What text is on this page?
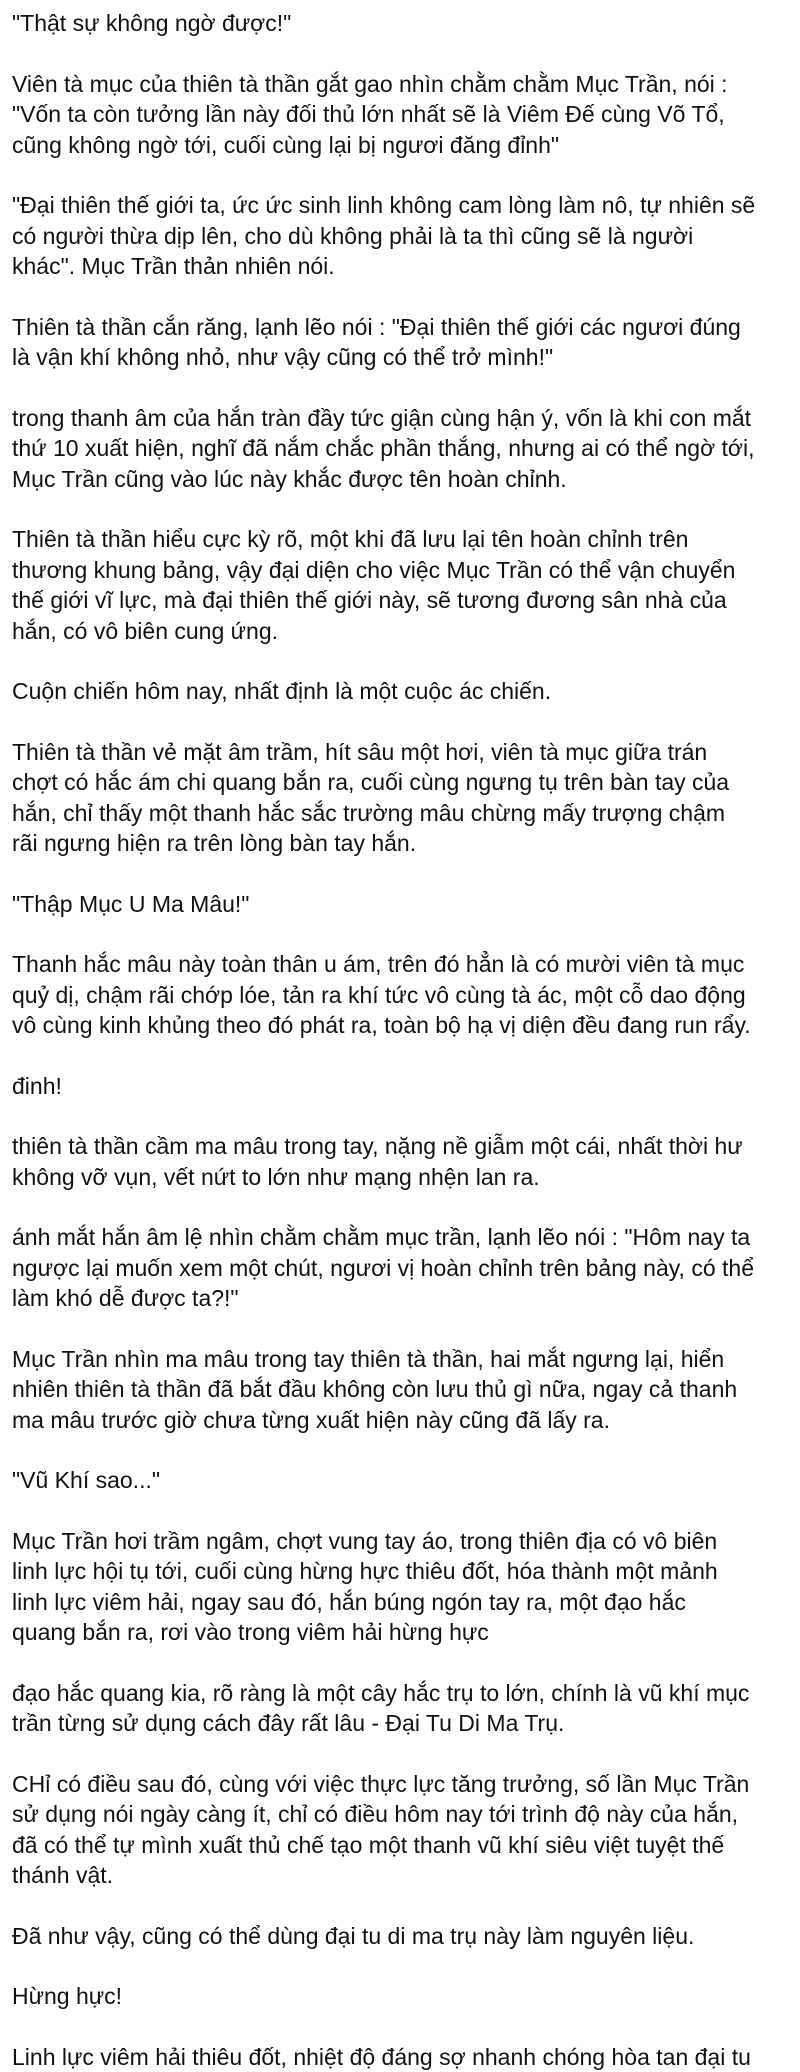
"Thật sự không ngờ được!"

Viên tà mục của thiên tà thần gắt gao nhìn chằm chằm Mục Trần, nói :
"Vốn ta còn tưởng lần này đối thủ lớn nhất sẽ là Viêm Đế cùng Võ Tổ,
cũng không ngờ tới, cuối cùng lại bị ngươi đăng đỉnh"

"Đại thiên thế giới ta, ức ức sinh linh không cam lòng làm nô, tự nhiên sẽ
có người thừa dịp lên, cho dù không phải là ta thì cũng sẽ là người
khác". Mục Trần thản nhiên nói.

Thiên tà thần cắn răng, lạnh lẽo nói : "Đại thiên thế giới các ngươi đúng
là vận khí không nhỏ, như vậy cũng có thể trở mình!"

trong thanh âm của hắn tràn đầy tức giận cùng hận ý, vốn là khi con mắt
thứ 10 xuất hiện, nghĩ đã nắm chắc phần thắng, nhưng ai có thể ngờ tới,
Mục Trần cũng vào lúc này khắc được tên hoàn chỉnh.

Thiên tà thần hiểu cực kỳ rõ, một khi đã lưu lại tên hoàn chỉnh trên
thương khung bảng, vậy đại diện cho việc Mục Trần có thể vận chuyển
thế giới vĩ lực, mà đại thiên thế giới này, sẽ tương đương sân nhà của
hắn, có vô biên cung ứng.

Cuộn chiến hôm nay, nhất định là một cuộc ác chiến.

Thiên tà thần vẻ mặt âm trầm, hít sâu một hơi, viên tà mục giữa trán
chợt có hắc ám chi quang bắn ra, cuối cùng ngưng tụ trên bàn tay của
hắn, chỉ thấy một thanh hắc sắc trường mâu chừng mấy trượng chậm
rãi ngưng hiện ra trên lòng bàn tay hắn.

"Thập Mục U Ma Mâu!"

Thanh hắc mâu này toàn thân u ám, trên đó hẳn là có mười viên tà mục
quỷ dị, chậm rãi chớp lóe, tản ra khí tức vô cùng tà ác, một cỗ dao động
vô cùng kinh khủng theo đó phát ra, toàn bộ hạ vị diện đều đang run rẩy.

đinh!

thiên tà thần cầm ma mâu trong tay, nặng nề giẫm một cái, nhất thời hư
không vỡ vụn, vết nứt to lớn như mạng nhện lan ra.

ánh mắt hắn âm lệ nhìn chằm chằm mục trần, lạnh lẽo nói : "Hôm nay ta
ngược lại muốn xem một chút, ngươi vị hoàn chỉnh trên bảng này, có thể
làm khó dễ được ta?!"

Mục Trần nhìn ma mâu trong tay thiên tà thần, hai mắt ngưng lại, hiển
nhiên thiên tà thần đã bắt đầu không còn lưu thủ gì nữa, ngay cả thanh
ma mâu trước giờ chưa từng xuất hiện này cũng đã lấy ra.

"Vũ Khí sao..."

Mục Trần hơi trầm ngâm, chợt vung tay áo, trong thiên địa có vô biên
linh lực hội tụ tới, cuối cùng hừng hực thiêu đốt, hóa thành một mảnh
linh lực viêm hải, ngay sau đó, hắn búng ngón tay ra, một đạo hắc
quang bắn ra, rơi vào trong viêm hải hừng hực

đạo hắc quang kia, rõ ràng là một cây hắc trụ to lớn, chính là vũ khí mục
trần từng sử dụng cách đây rất lâu - Đại Tu Di Ma Trụ.

CHỉ có điều sau đó, cùng với việc thực lực tăng trưởng, số lần Mục Trần
sử dụng nói ngày càng ít, chỉ có điều hôm nay tới trình độ này của hắn,
đã có thể tự mình xuất thủ chế tạo một thanh vũ khí siêu việt tuyệt thế
thánh vật.

Đã như vậy, cũng có thể dùng đại tu di ma trụ này làm nguyên liệu.

Hừng hực!

Linh lực viêm hải thiêu đốt, nhiệt độ đáng sợ nhanh chóng hòa tan đại tu
